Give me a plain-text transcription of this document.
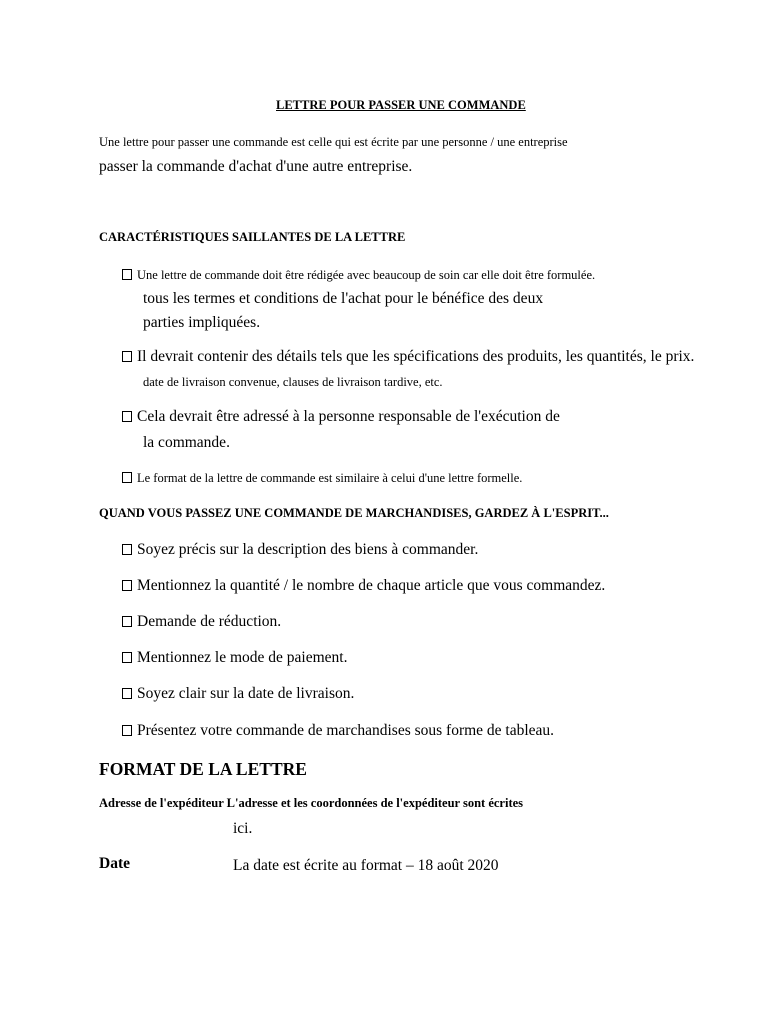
LETTRE POUR PASSER UNE COMMANDE
Une lettre pour passer une commande est celle qui est écrite par une personne / une entreprise
passer la commande d'achat d'une autre entreprise.
CARACTÉRISTIQUES SAILLANTES DE LA LETTRE
Une lettre de commande doit être rédigée avec beaucoup de soin car elle doit être formulée.
tous les termes et conditions de l'achat pour le bénéfice des deux
parties impliquées.
Il devrait contenir des détails tels que les spécifications des produits, les quantités, le prix.
date de livraison convenue, clauses de livraison tardive, etc.
Cela devrait être adressé à la personne responsable de l'exécution de
la commande.
Le format de la lettre de commande est similaire à celui d'une lettre formelle.
QUAND VOUS PASSEZ UNE COMMANDE DE MARCHANDISES, GARDEZ À L'ESPRIT...
Soyez précis sur la description des biens à commander.
Mentionnez la quantité / le nombre de chaque article que vous commandez.
Demande de réduction.
Mentionnez le mode de paiement.
Soyez clair sur la date de livraison.
Présentez votre commande de marchandises sous forme de tableau.
FORMAT DE LA LETTRE
Adresse de l'expéditeur L'adresse et les coordonnées de l'expéditeur sont écrites
ici.
Date	La date est écrite au format – 18 août 2020
